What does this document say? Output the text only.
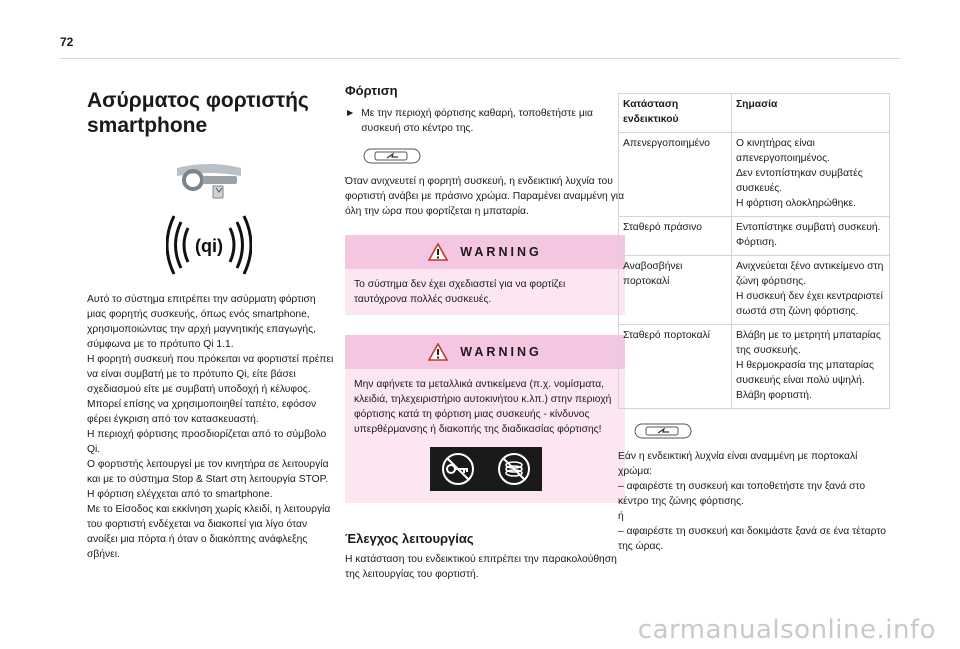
72
Ασύρματος φορτιστής
smartphone
(qi)

Αυτό το σύστημα επιτρέπει την ασύρματη φόρτιση μιας φορητής συσκευής, όπως ενός smartphone, χρησιμοποιώντας την αρχή μαγνητικής επαγωγής, σύμφωνα με το πρότυπο Qi 1.1.

Η φορητή συσκευή που πρόκειται να φορτιστεί πρέπει να είναι συμβατή με το πρότυπο Qi, είτε βάσει σχεδιασμού είτε με συμβατή υποδοχή ή κέλυφος.

Μπορεί επίσης να χρησιμοποιηθεί ταπέτο, εφόσον φέρει έγκριση από τον κατασκευαστή.

Η περιοχή φόρτισης προσδιορίζεται από το σύμβολο Qi.

Ο φορτιστής λειτουργεί με τον κινητήρα σε λειτουργία και με το σύστημα Stop & Start στη λειτουργία STOP.

Η φόρτιση ελέγχεται από το smartphone.

Με το Είσοδος και εκκίνηση χωρίς κλειδί, η λειτουργία του φορτιστή ενδέχεται να διακοπεί για λίγο όταν ανοίξει μια πόρτα ή όταν ο διακόπτης ανάφλεξης σβήνει.

Φόρτιση
► Με την περιοχή φόρτισης καθαρή, τοποθετήστε μια συσκευή στο κέντρο της.

Όταν ανιχνευτεί η φορητή συσκευή, η ενδεικτική λυχνία του φορτιστή ανάβει με πράσινο χρώμα. Παραμένει αναμμένη για όλη την ώρα που φορτίζεται η μπαταρία.

WARNING
Το σύστημα δεν έχει σχεδιαστεί για να φορτίζει ταυτόχρονα πολλές συσκευές.
WARNING
Μην αφήνετε τα μεταλλικά αντικείμενα (π.χ. νομίσματα, κλειδιά, τηλεχειριστήριο αυτοκινήτου κ.λπ.) στην περιοχή φόρτισης κατά τη φόρτιση μιας συσκευής - κίνδυνος υπερθέρμανσης ή διακοπής της διαδικασίας φόρτισης!
Έλεγχος λειτουργίας

Η κατάσταση του ενδεικτικού επιτρέπει την παρακολούθηση της λειτουργίας του φορτιστή.

Κατάσταση ενδεικτικού	Σημασία
Απενεργοποιημένο	Ο κινητήρας είναι απενεργοποιημένος.
Δεν εντοπίστηκαν συμβατές συσκευές.
Η φόρτιση ολοκληρώθηκε.

Σταθερό πράσινο	Εντοπίστηκε συμβατή συσκευή.
Φόρτιση.

Αναβοσβήνει πορτοκαλί	Ανιχνεύεται ξένο αντικείμενο στη ζώνη φόρτισης.
Η συσκευή δεν έχει κεντραριστεί σωστά στη ζώνη φόρτισης.

Σταθερό πορτοκαλί	Βλάβη με το μετρητή μπαταρίας της συσκευής.
Η θερμοκρασία της μπαταρίας συσκευής είναι πολύ υψηλή.
Βλάβη φορτιστή.

Εάν η ενδεικτική λυχνία είναι αναμμένη με πορτοκαλί χρώμα:

– αφαιρέστε τη συσκευή και τοποθετήστε την ξανά στο κέντρο της ζώνης φόρτισης.

ή

– αφαιρέστε τη συσκευή και δοκιμάστε ξανά σε ένα τέταρτο της ώρας.

carmanualsonline.info
